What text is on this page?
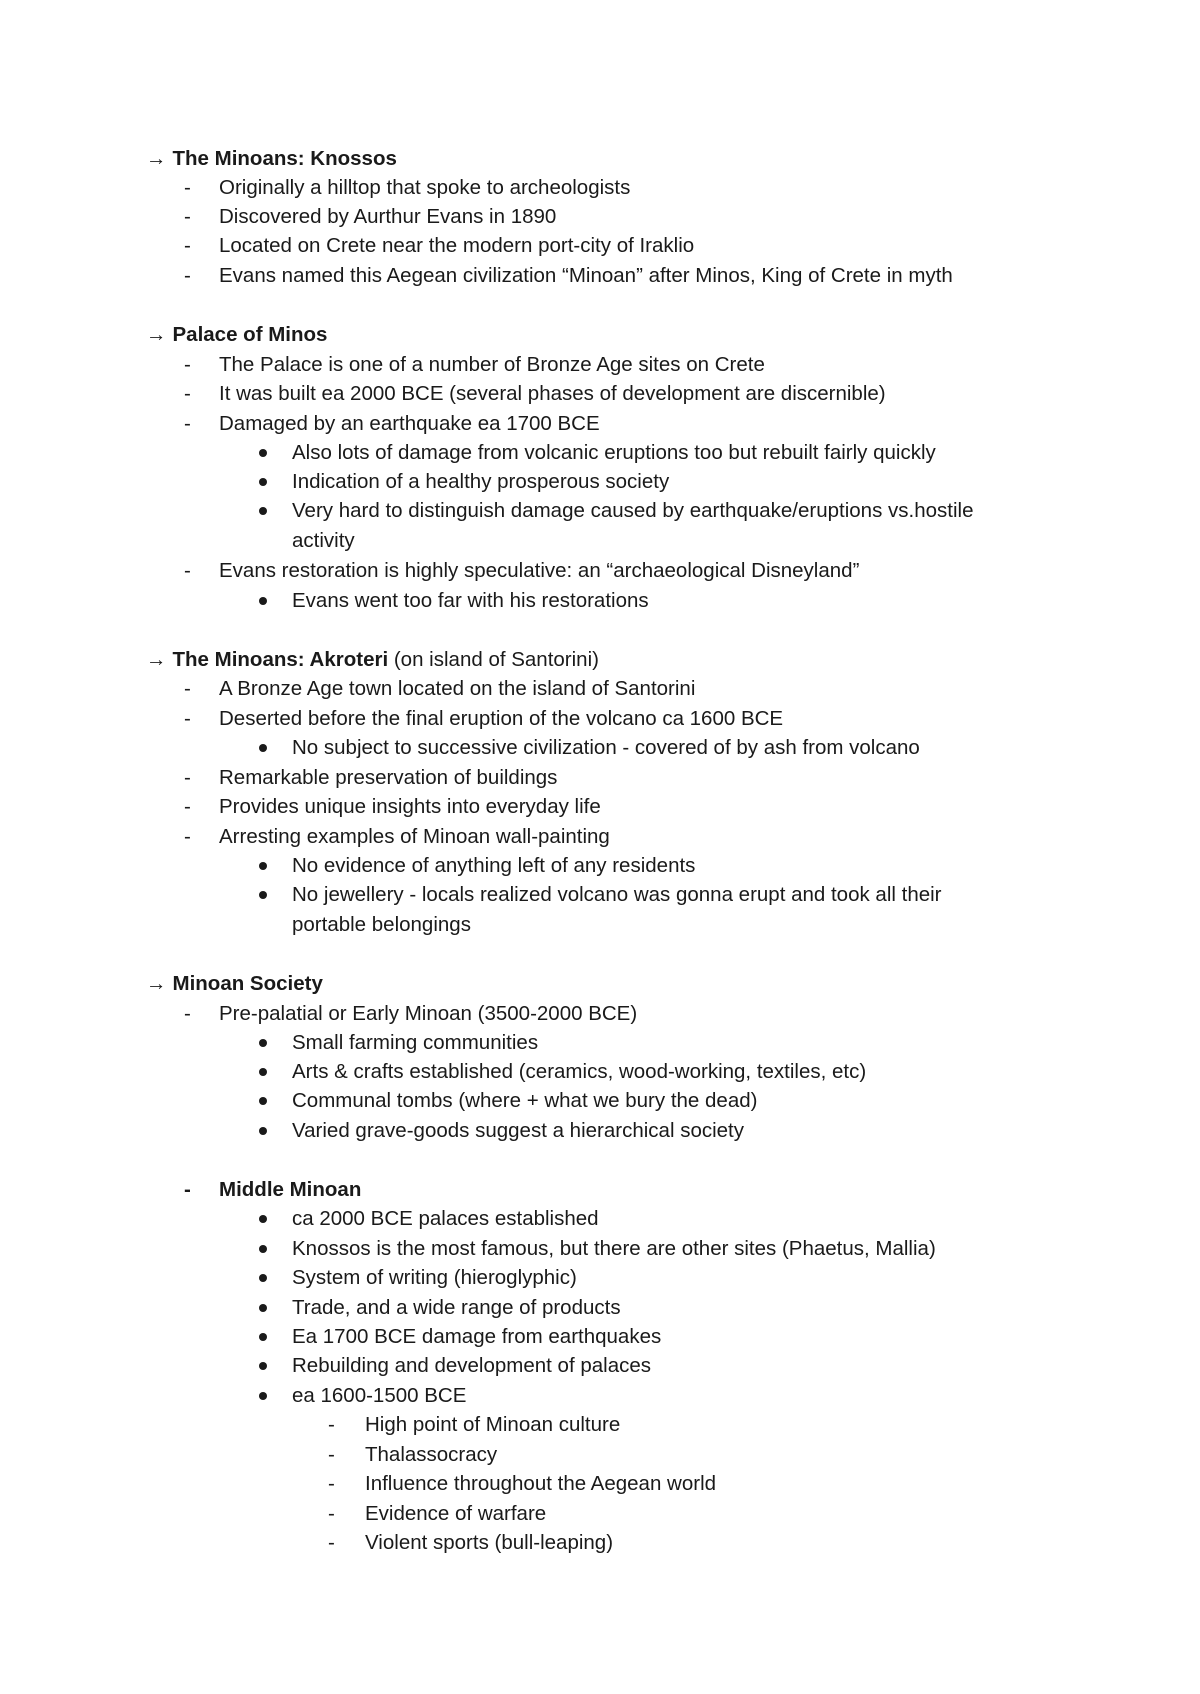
→ The Minoans: Knossos
- Originally a hilltop that spoke to archeologists
- Discovered by Aurthur Evans in 1890
- Located on Crete near the modern port-city of Iraklio
- Evans named this Aegean civilization “Minoan” after Minos, King of Crete in myth
→ Palace of Minos
- The Palace is one of a number of Bronze Age sites on Crete
- It was built ea 2000 BCE (several phases of development are discernible)
- Damaged by an earthquake ea 1700 BCE
Also lots of damage from volcanic eruptions too but rebuilt fairly quickly
Indication of a healthy prosperous society
Very hard to distinguish damage caused by earthquake/eruptions vs.hostile
activity
- Evans restoration is highly speculative: an “archaeological Disneyland”
Evans went too far with his restorations
→ The Minoans: Akroteri (on island of Santorini)
- A Bronze Age town located on the island of Santorini
- Deserted before the final eruption of the volcano ca 1600 BCE
No subject to successive civilization - covered of by ash from volcano
- Remarkable preservation of buildings
- Provides unique insights into everyday life
- Arresting examples of Minoan wall-painting
No evidence of anything left of any residents
No jewellery - locals realized volcano was gonna erupt and took all their
portable belongings
→ Minoan Society
- Pre-palatial or Early Minoan (3500-2000 BCE)
Small farming communities
Arts & crafts established (ceramics, wood-working, textiles, etc)
Communal tombs (where + what we bury the dead)
Varied grave-goods suggest a hierarchical society
- Middle Minoan
ca 2000 BCE palaces established
Knossos is the most famous, but there are other sites (Phaetus, Mallia)
System of writing (hieroglyphic)
Trade, and a wide range of products
Ea 1700 BCE damage from earthquakes
Rebuilding and development of palaces
ea 1600-1500 BCE
- High point of Minoan culture
- Thalassocracy
- Influence throughout the Aegean world
- Evidence of warfare
- Violent sports (bull-leaping)
